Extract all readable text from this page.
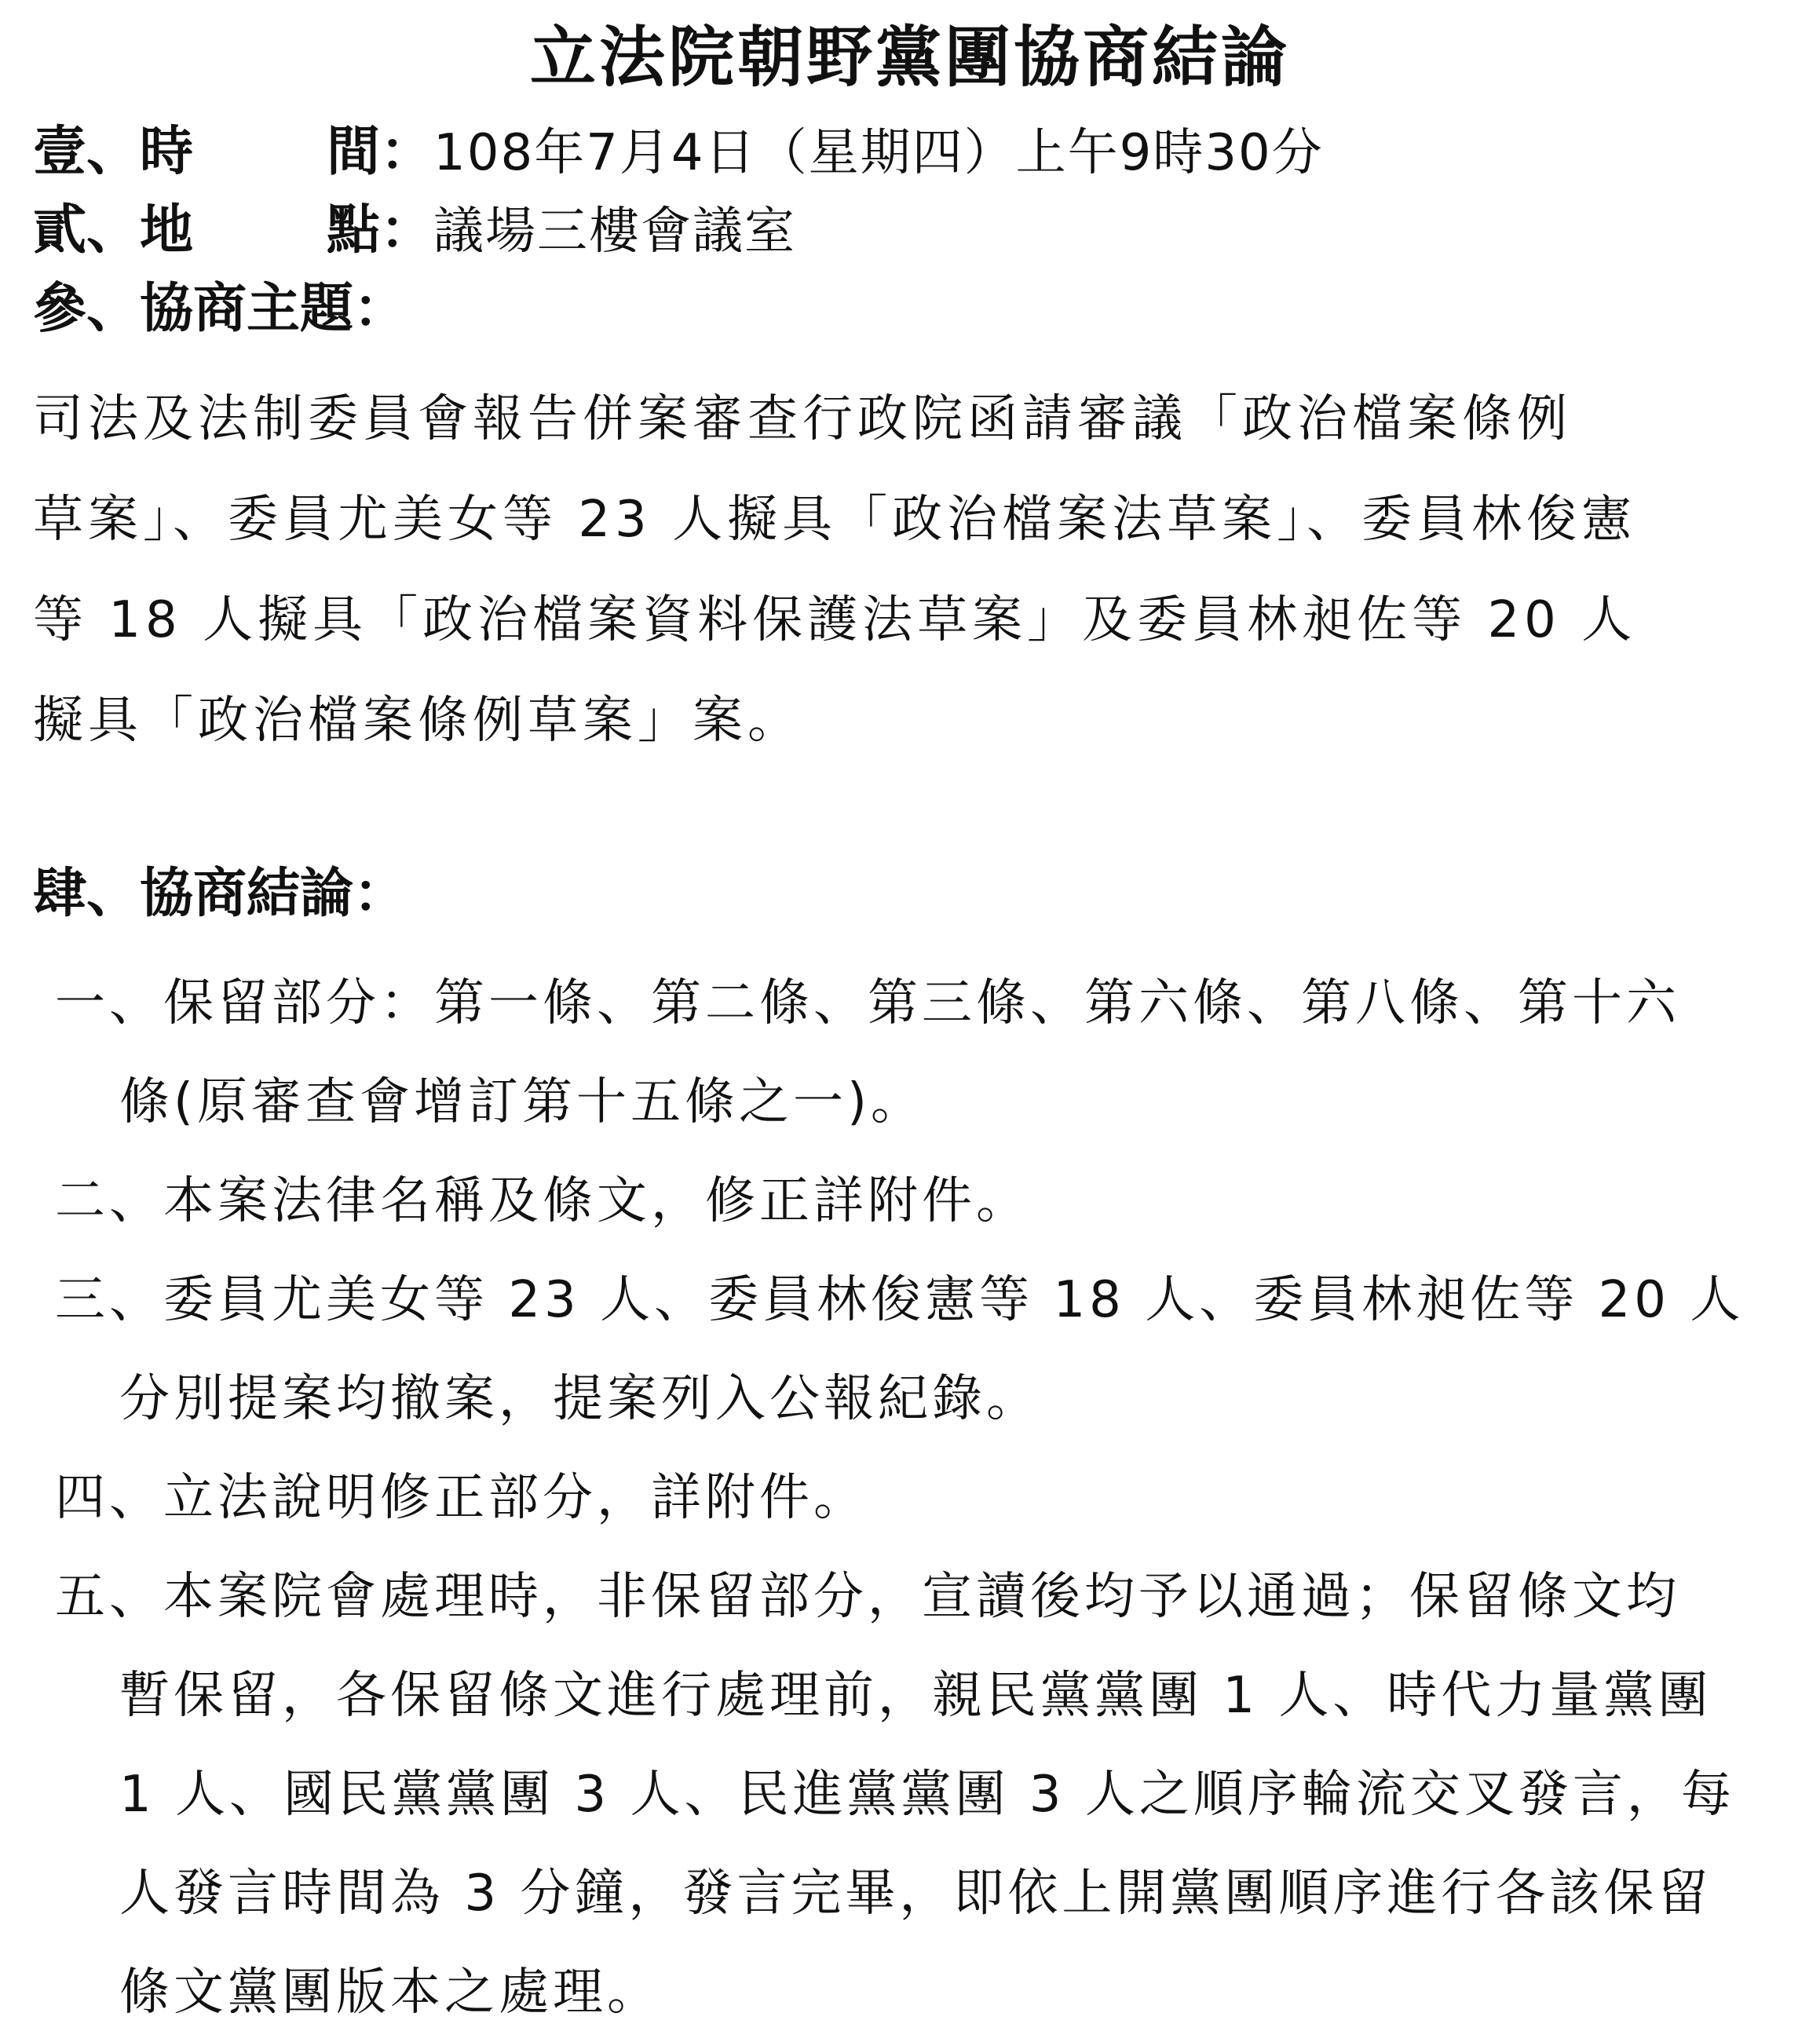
立法院朝野黨團協商結論
壹、時	間：108年7月4日（星期四）上午9時30分
貳、地	點：議場三樓會議室
參、協商主題：
司法及法制委員會報告併案審查行政院函請審議「政治檔案條例
草案」、委員尤美女等 23 人擬具「政治檔案法草案」、委員林俊憲
等 18 人擬具「政治檔案資料保護法草案」及委員林昶佐等 20 人
擬具「政治檔案條例草案」案。
肆、協商結論：
一、保留部分：第一條、第二條、第三條、第六條、第八條、第十六
條(原審查會增訂第十五條之一)。
二、本案法律名稱及條文，修正詳附件。
三、委員尤美女等 23 人、委員林俊憲等 18 人、委員林昶佐等 20 人
分別提案均撤案，提案列入公報紀錄。
四、立法說明修正部分，詳附件。
五、本案院會處理時，非保留部分，宣讀後均予以通過；保留條文均
暫保留，各保留條文進行處理前，親民黨黨團 1 人、時代力量黨團
1 人、國民黨黨團 3 人、民進黨黨團 3 人之順序輪流交叉發言，每
人發言時間為 3 分鐘，發言完畢，即依上開黨團順序進行各該保留
條文黨團版本之處理。
